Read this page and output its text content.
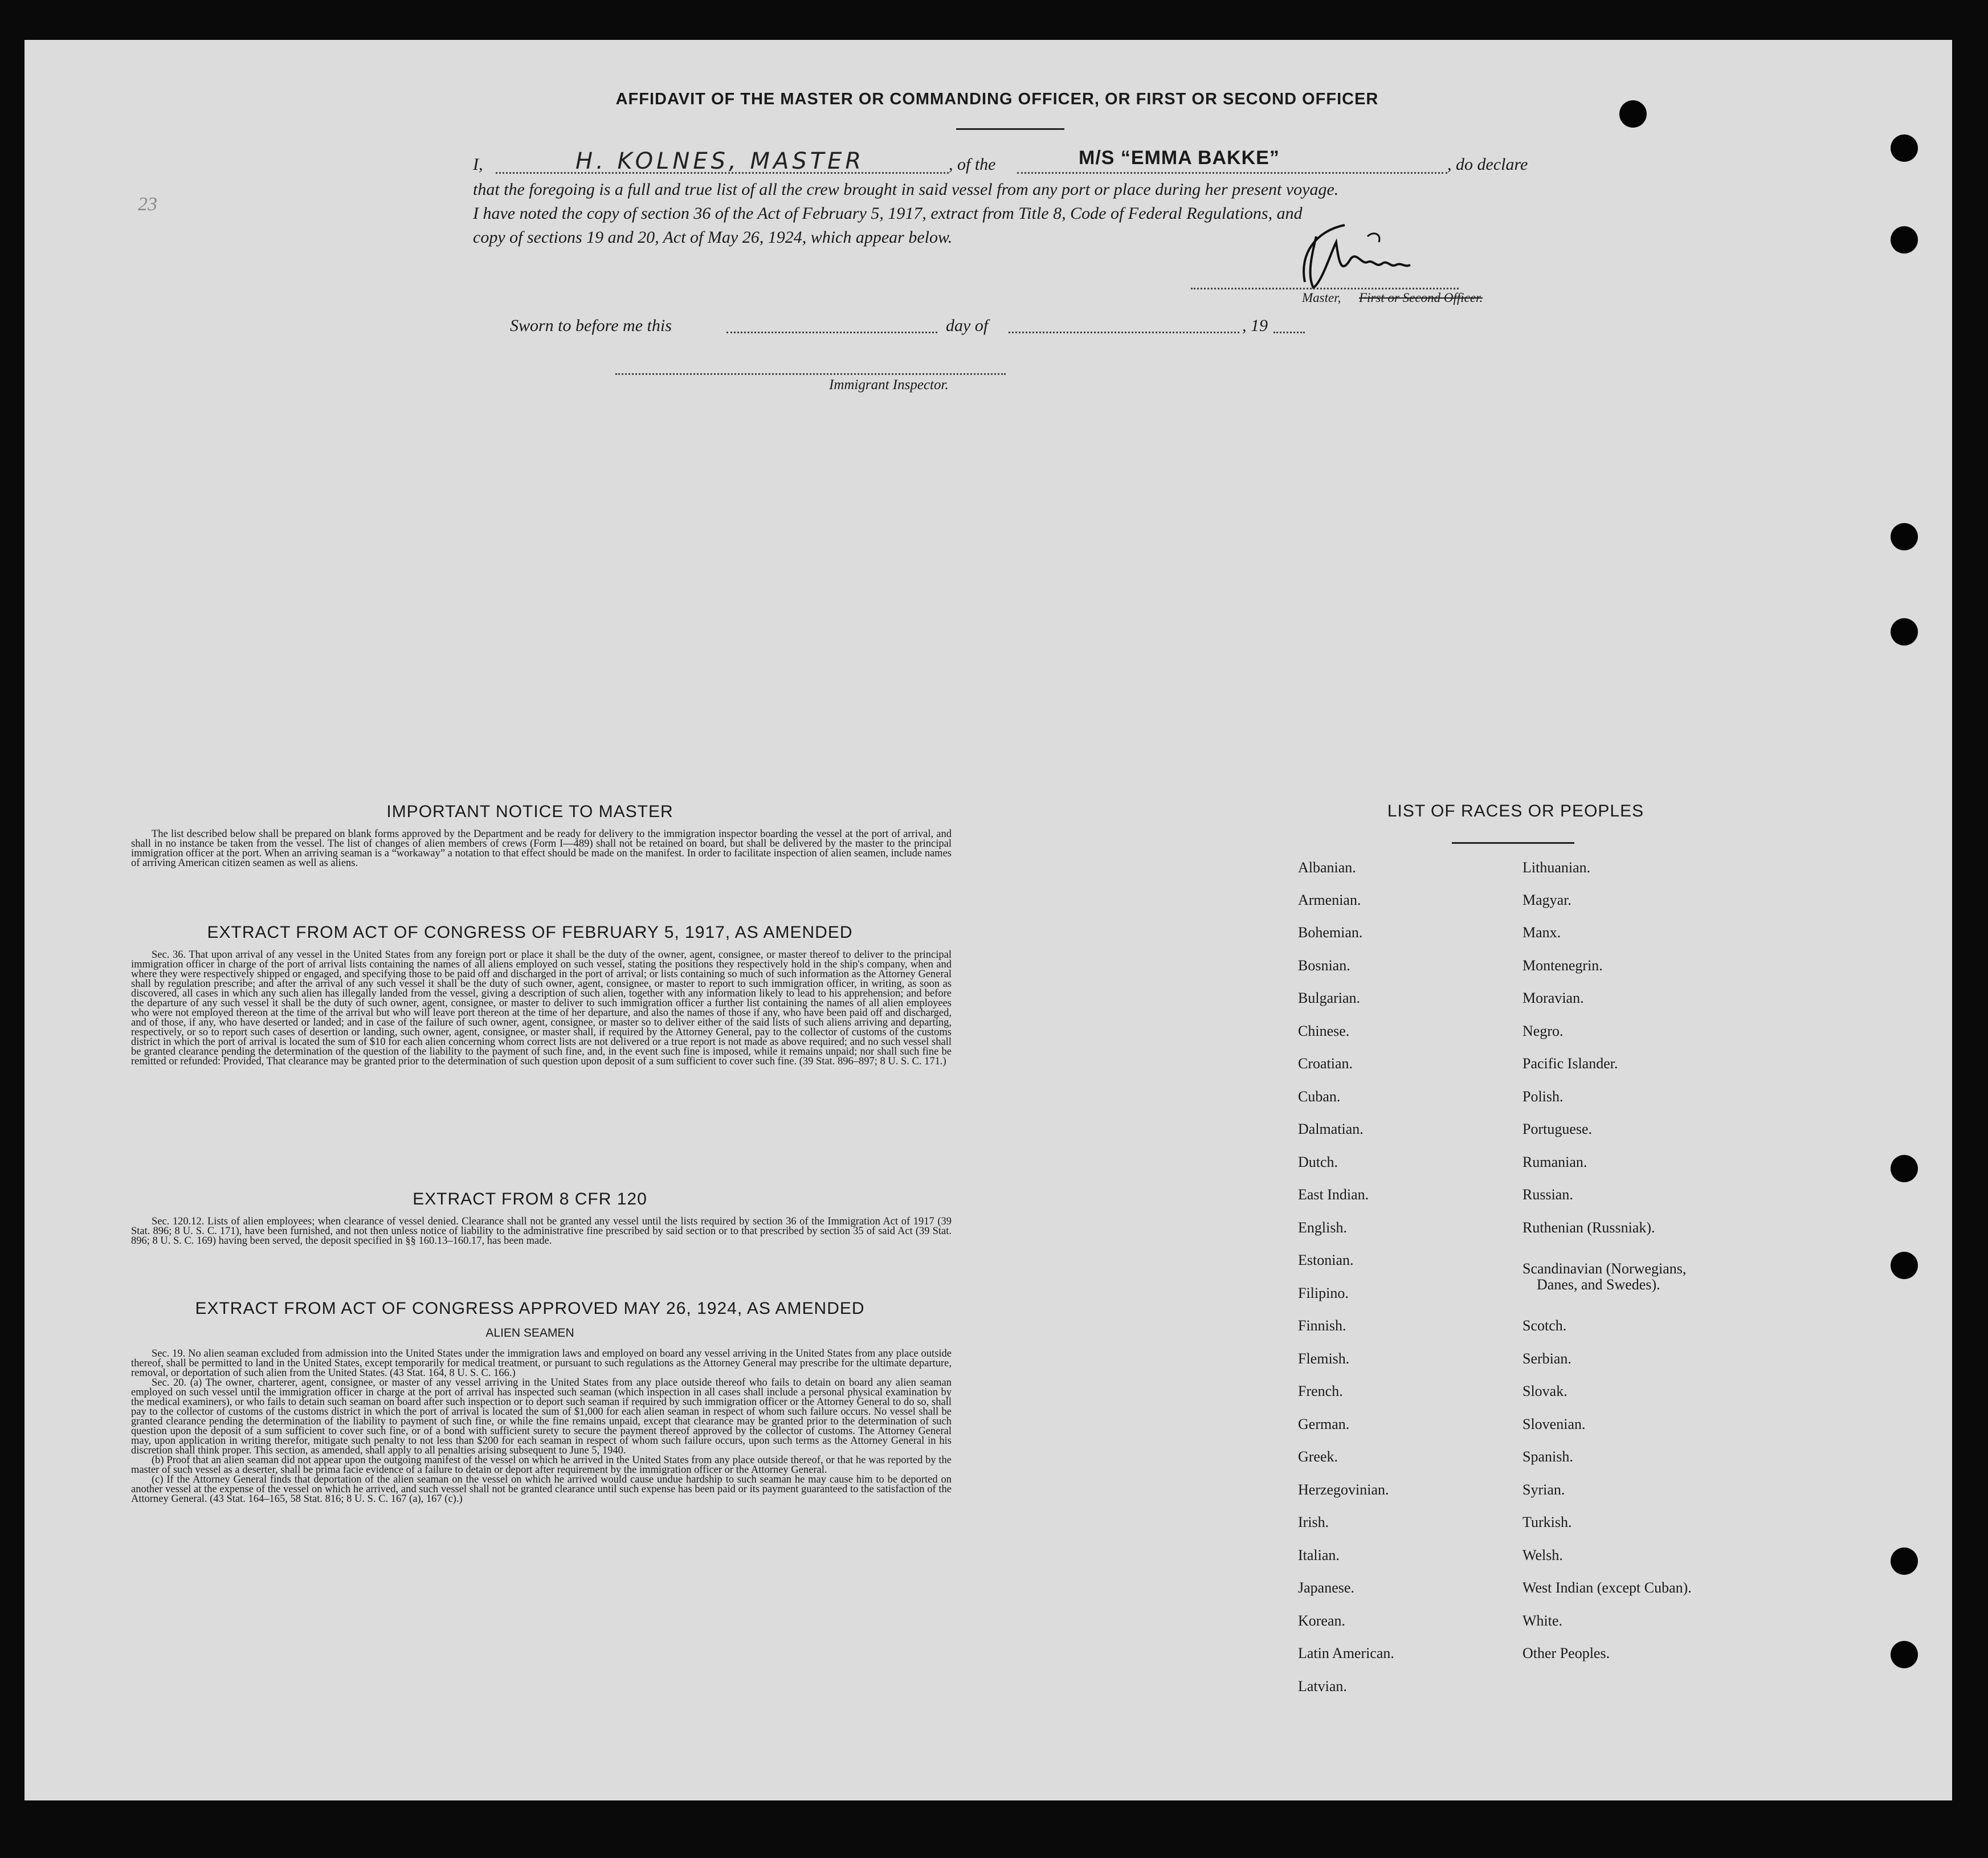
AFFIDAVIT OF THE MASTER OR COMMANDING OFFICER, OR FIRST OR SECOND OFFICER
23
I,	H. KOLNES, MASTER	, of the	M/S “EMMA BAKKE”	, do declare
that the foregoing is a full and true list of all the crew brought in said vessel from any port or place during her present voyage.
I have noted the copy of section 36 of the Act of February 5, 1917, extract from Title 8, Code of Federal Regulations, and
copy of sections 19 and 20, Act of May 26, 1924, which appear below.
Master, First or Second Officer.
Sworn to before me this	day of	, 19
Immigrant Inspector.
IMPORTANT NOTICE TO MASTER
The list described below shall be prepared on blank forms approved by the Department and be ready for delivery to the immigration inspector boarding the vessel at the port of arrival, and shall in no instance be taken from the vessel. The list of changes of alien members of crews (Form I—489) shall not be retained on board, but shall be delivered by the master to the principal immigration officer at the port. When an arriving seaman is a “workaway” a notation to that effect should be made on the manifest. In order to facilitate inspection of alien seamen, include names of arriving American citizen seamen as well as aliens.
EXTRACT FROM ACT OF CONGRESS OF FEBRUARY 5, 1917, AS AMENDED
Sec. 36. That upon arrival of any vessel in the United States from any foreign port or place it shall be the duty of the owner, agent, consignee, or master thereof to deliver to the principal immigration officer in charge of the port of arrival lists containing the names of all aliens employed on such vessel, stating the positions they respectively hold in the ship's company, when and where they were respectively shipped or engaged, and specifying those to be paid off and discharged in the port of arrival; or lists containing so much of such information as the Attorney General shall by regulation prescribe; and after the arrival of any such vessel it shall be the duty of such owner, agent, consignee, or master to report to such immigration officer, in writing, as soon as discovered, all cases in which any such alien has illegally landed from the vessel, giving a description of such alien, together with any information likely to lead to his apprehension; and before the departure of any such vessel it shall be the duty of such owner, agent, consignee, or master to deliver to such immigration officer a further list containing the names of all alien employees who were not employed thereon at the time of the arrival but who will leave port thereon at the time of her departure, and also the names of those if any, who have been paid off and discharged, and of those, if any, who have deserted or landed; and in case of the failure of such owner, agent, consignee, or master so to deliver either of the said lists of such aliens arriving and departing, respectively, or so to report such cases of desertion or landing, such owner, agent, consignee, or master shall, if required by the Attorney General, pay to the collector of customs of the customs district in which the port of arrival is located the sum of $10 for each alien concerning whom correct lists are not delivered or a true report is not made as above required; and no such vessel shall be granted clearance pending the determination of the question of the liability to the payment of such fine, and, in the event such fine is imposed, while it remains unpaid; nor shall such fine be remitted or refunded: Provided, That clearance may be granted prior to the determination of such question upon deposit of a sum sufficient to cover such fine. (39 Stat. 896–897; 8 U. S. C. 171.)
EXTRACT FROM 8 CFR 120
Sec. 120.12. Lists of alien employees; when clearance of vessel denied. Clearance shall not be granted any vessel until the lists required by section 36 of the Immigration Act of 1917 (39 Stat. 896; 8 U. S. C. 171), have been furnished, and not then unless notice of liability to the administrative fine prescribed by said section or to that prescribed by section 35 of said Act (39 Stat. 896; 8 U. S. C. 169) having been served, the deposit specified in §§ 160.13–160.17, has been made.
EXTRACT FROM ACT OF CONGRESS APPROVED MAY 26, 1924, AS AMENDED
ALIEN SEAMEN

Sec. 19. No alien seaman excluded from admission into the United States under the immigration laws and employed on board any vessel arriving in the United States from any place outside thereof, shall be permitted to land in the United States, except temporarily for medical treatment, or pursuant to such regulations as the Attorney General may prescribe for the ultimate departure, removal, or deportation of such alien from the United States. (43 Stat. 164, 8 U. S. C. 166.)

Sec. 20. (a) The owner, charterer, agent, consignee, or master of any vessel arriving in the United States from any place outside thereof who fails to detain on board any alien seaman employed on such vessel until the immigration officer in charge at the port of arrival has inspected such seaman (which inspection in all cases shall include a personal physical examination by the medical examiners), or who fails to detain such seaman on board after such inspection or to deport such seaman if required by such immigration officer or the Attorney General to do so, shall pay to the collector of customs of the customs district in which the port of arrival is located the sum of $1,000 for each alien seaman in respect of whom such failure occurs. No vessel shall be granted clearance pending the determination of the liability to payment of such fine, or while the fine remains unpaid, except that clearance may be granted prior to the determination of such question upon the deposit of a sum sufficient to cover such fine, or of a bond with sufficient surety to secure the payment thereof approved by the collector of customs. The Attorney General may, upon application in writing therefor, mitigate such penalty to not less than $200 for each seaman in respect of whom such failure occurs, upon such terms as the Attorney General in his discretion shall think proper. This section, as amended, shall apply to all penalties arising subsequent to June 5, 1940.

(b) Proof that an alien seaman did not appear upon the outgoing manifest of the vessel on which he arrived in the United States from any place outside thereof, or that he was reported by the master of such vessel as a deserter, shall be prima facie evidence of a failure to detain or deport after requirement by the immigration officer or the Attorney General.

(c) If the Attorney General finds that deportation of the alien seaman on the vessel on which he arrived would cause undue hardship to such seaman he may cause him to be deported on another vessel at the expense of the vessel on which he arrived, and such vessel shall not be granted clearance until such expense has been paid or its payment guaranteed to the satisfaction of the Attorney General. (43 Stat. 164–165, 58 Stat. 816; 8 U. S. C. 167 (a), 167 (c).)

LIST OF RACES OR PEOPLES
Albanian.
Armenian.
Bohemian.
Bosnian.
Bulgarian.
Chinese.
Croatian.
Cuban.
Dalmatian.
Dutch.
East Indian.
English.
Estonian.
Filipino.
Finnish.
Flemish.
French.
German.
Greek.
Herzegovinian.
Irish.
Italian.
Japanese.
Korean.
Latin American.
Latvian.
Lithuanian.
Magyar.
Manx.
Montenegrin.
Moravian.
Negro.
Pacific Islander.
Polish.
Portuguese.
Rumanian.
Russian.
Ruthenian (Russniak).
Scandinavian (Norwegians,
Danes, and Swedes).
Scotch.
Serbian.
Slovak.
Slovenian.
Spanish.
Syrian.
Turkish.
Welsh.
West Indian (except Cuban).
White.
Other Peoples.
